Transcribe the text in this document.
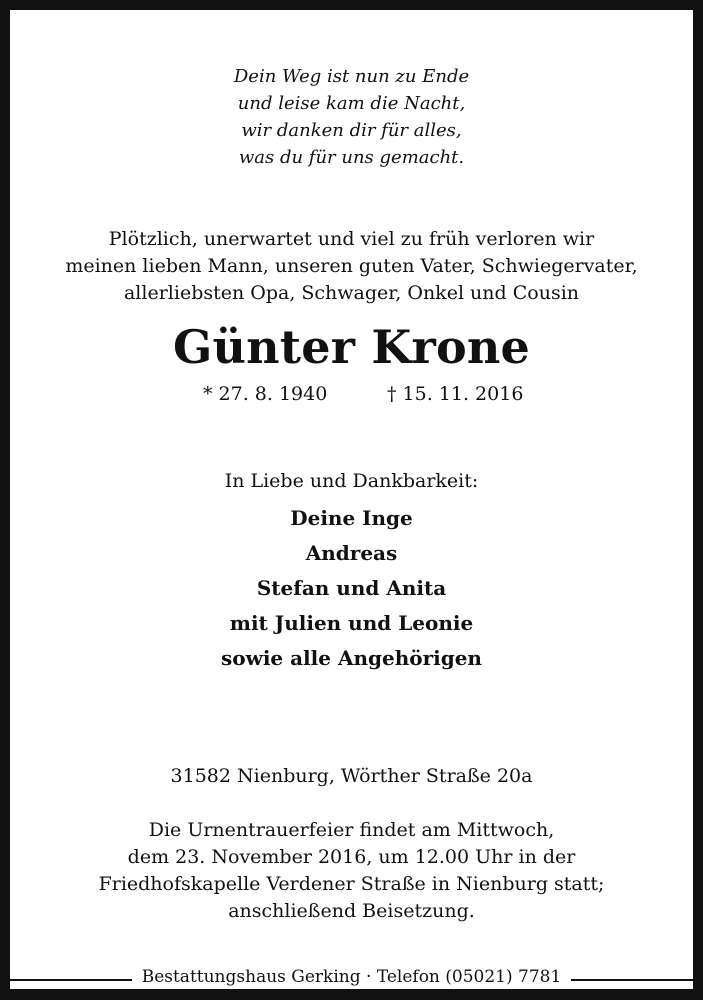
Dein Weg ist nun zu Ende
und leise kam die Nacht,
wir danken dir für alles,
was du für uns gemacht.
Plötzlich, unerwartet und viel zu früh verloren wir
meinen lieben Mann, unseren guten Vater, Schwiegervater,
allerliebsten Opa, Schwager, Onkel und Cousin
Günter Krone
* 27. 8. 1940	† 15. 11. 2016
In Liebe und Dankbarkeit:
Deine Inge
Andreas
Stefan und Anita
mit Julien und Leonie
sowie alle Angehörigen
31582 Nienburg, Wörther Straße 20a
Die Urnentrauerfeier findet am Mittwoch,
dem 23. November 2016, um 12.00 Uhr in der
Friedhofskapelle Verdener Straße in Nienburg statt;
anschließend Beisetzung.
Bestattungshaus Gerking · Telefon (05021) 7781
